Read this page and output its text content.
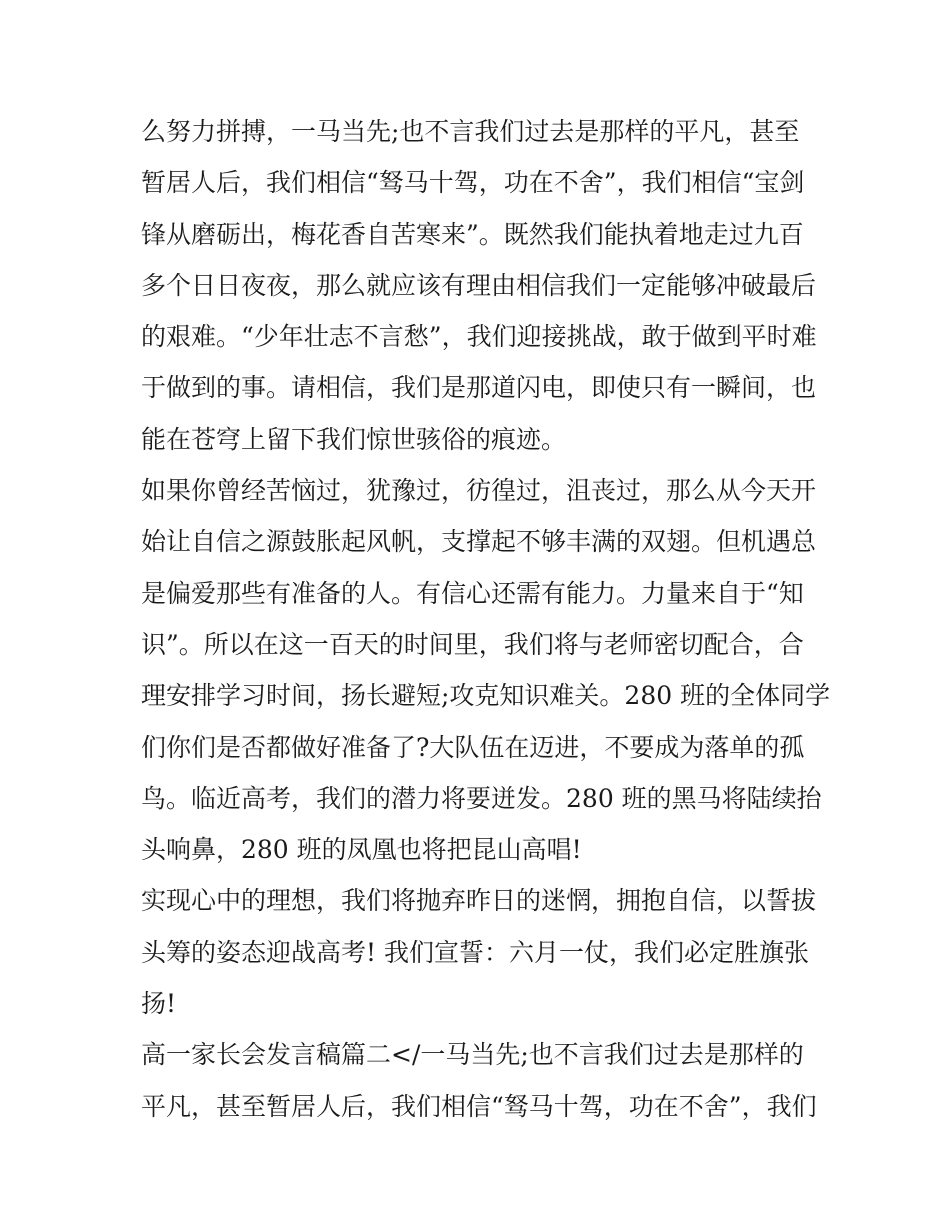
么努力拼搏，一马当先;也不言我们过去是那样的平凡，甚至
暂居人后，我们相信“驽马十驾，功在不舍”，我们相信“宝剑
锋从磨砺出，梅花香自苦寒来”。既然我们能执着地走过九百
多个日日夜夜，那么就应该有理由相信我们一定能够冲破最后
的艰难。“少年壮志不言愁”，我们迎接挑战，敢于做到平时难
于做到的事。请相信，我们是那道闪电，即使只有一瞬间，也
能在苍穹上留下我们惊世骇俗的痕迹。
如果你曾经苦恼过，犹豫过，彷徨过，沮丧过，那么从今天开
始让自信之源鼓胀起风帆，支撑起不够丰满的双翅。但机遇总
是偏爱那些有准备的人。有信心还需有能力。力量来自于“知
识”。所以在这一百天的时间里，我们将与老师密切配合，合
理安排学习时间，扬长避短;攻克知识难关。280 班的全体同学
们你们是否都做好准备了?大队伍在迈进，不要成为落单的孤
鸟。临近高考，我们的潜力将要迸发。280 班的黑马将陆续抬
头响鼻，280 班的凤凰也将把昆山高唱!
实现心中的理想，我们将抛弃昨日的迷惘，拥抱自信，以誓拔
头筹的姿态迎战高考! 我们宣誓：六月一仗，我们必定胜旗张
扬!
高一家长会发言稿篇二</一马当先;也不言我们过去是那样的
平凡，甚至暂居人后，我们相信“驽马十驾，功在不舍”，我们
